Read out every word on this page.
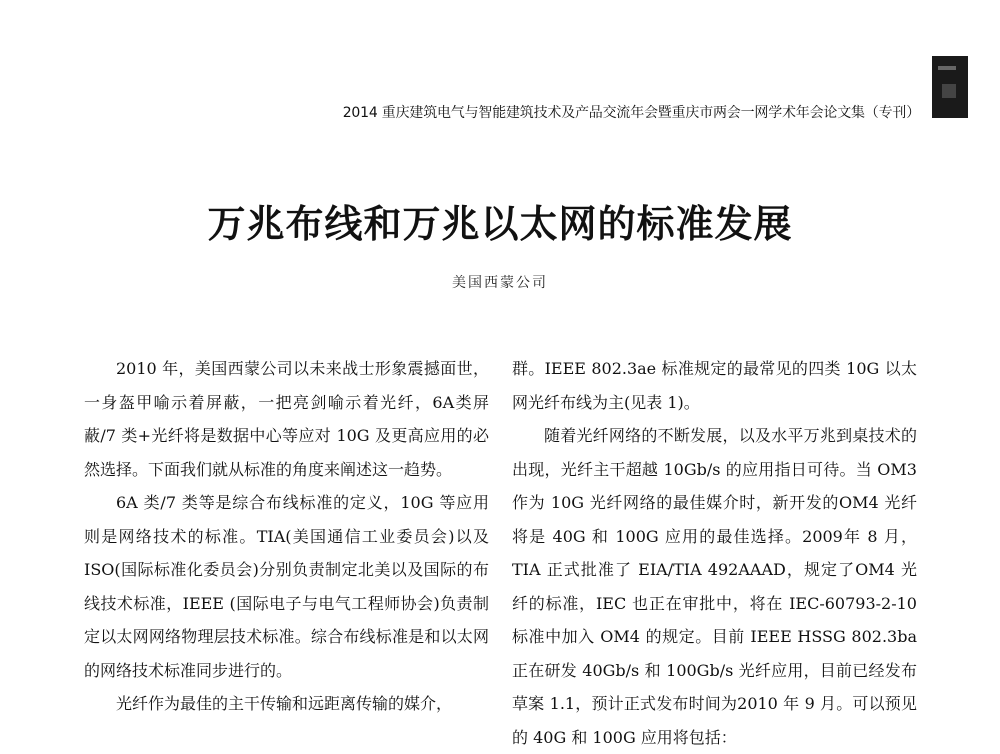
2014 重庆建筑电气与智能建筑技术及产品交流年会暨重庆市两会一网学术年会论文集（专刊）
万兆布线和万兆以太网的标准发展
美国西蒙公司

2010 年，美国西蒙公司以未来战士形象震撼面世，一身盔甲喻示着屏蔽，一把亮剑喻示着光纤，6A类屏蔽/7 类+光纤将是数据中心等应对 10G 及更高应用的必然选择。下面我们就从标准的角度来阐述这一趋势。

6A 类/7 类等是综合布线标准的定义，10G 等应用则是网络技术的标准。TIA(美国通信工业委员会)以及 ISO(国际标准化委员会)分别负责制定北美以及国际的布线技术标准，IEEE (国际电子与电气工程师协会)负责制定以太网网络物理层技术标准。综合布线标准是和以太网的网络技术标准同步进行的。

光纤作为最佳的主干传输和远距离传输的媒介，

群。IEEE 802.3ae 标准规定的最常见的四类 10G 以太网光纤布线为主(见表 1)。

随着光纤网络的不断发展，以及水平万兆到桌技术的出现，光纤主干超越 10Gb/s 的应用指日可待。当 OM3 作为 10G 光纤网络的最佳媒介时，新开发的OM4 光纤将是 40G 和 100G 应用的最佳选择。2009年 8 月，TIA 正式批准了 EIA/TIA 492AAAD，规定了OM4 光纤的标准，IEC 也正在审批中，将在 IEC-60793-2-10 标准中加入 OM4 的规定。目前 IEEE HSSG 802.3ba 正在研发 40Gb/s 和 100Gb/s 光纤应用，目前已经发布草案 1.1，预计正式发布时间为2010 年 9 月。可以预见的 40G 和 100G 应用将包括：
